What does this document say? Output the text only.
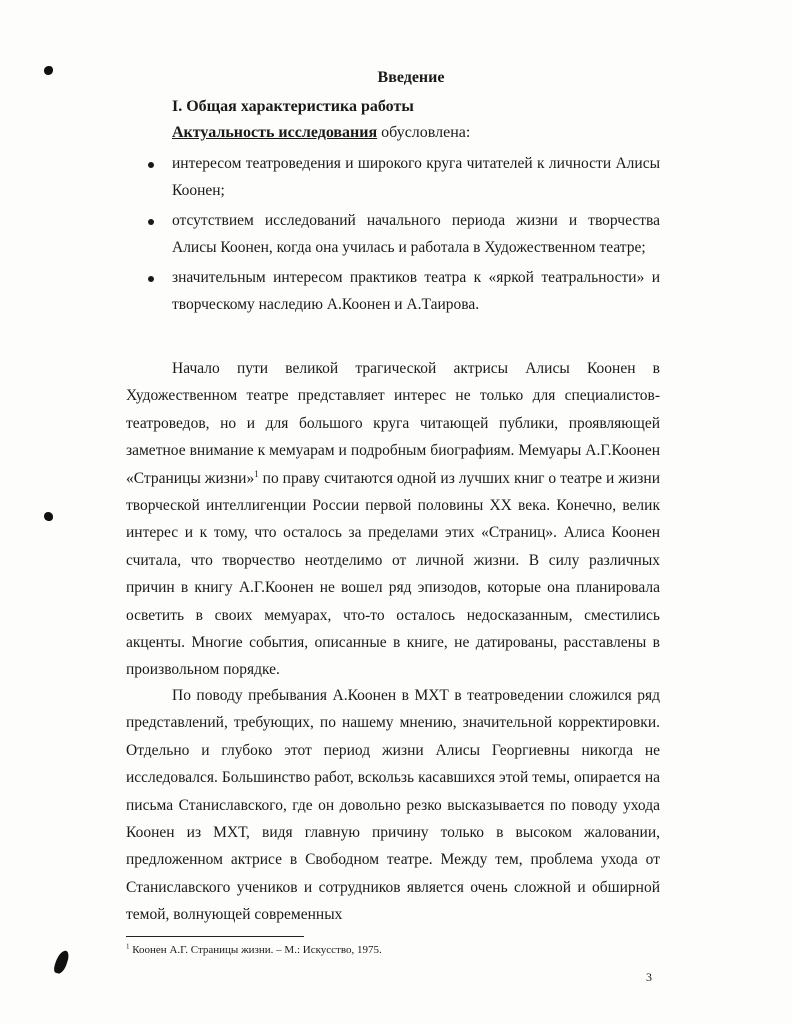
Введение
I. Общая характеристика работы
Актуальность исследования обусловлена:
интересом театроведения и широкого круга читателей к личности Алисы Коонен;
отсутствием исследований начального периода жизни и творчества Алисы Коонен, когда она училась и работала в Художественном театре;
значительным интересом практиков театра к «яркой театральности» и творческому наследию А.Коонен и А.Таирова.

Начало пути великой трагической актрисы Алисы Коонен в Художественном театре представляет интерес не только для специалистов-театроведов, но и для большого круга читающей публики, проявляющей заметное внимание к мемуарам и подробным биографиям. Мемуары А.Г.Коонен «Страницы жизни»$^1$ по праву считаются одной из лучших книг о театре и жизни творческой интеллигенции России первой половины XX века. Конечно, велик интерес и к тому, что осталось за пределами этих «Страниц». Алиса Коонен считала, что творчество неотделимо от личной жизни. В силу различных причин в книгу А.Г.Коонен не вошел ряд эпизодов, которые она планировала осветить в своих мемуарах, что-то осталось недосказанным, сместились акценты. Многие события, описанные в книге, не датированы, расставлены в произвольном порядке.

По поводу пребывания А.Коонен в МХТ в театроведении сложился ряд представлений, требующих, по нашему мнению, значительной корректировки. Отдельно и глубоко этот период жизни Алисы Георгиевны никогда не исследовался. Большинство работ, вскользь касавшихся этой темы, опирается на письма Станиславского, где он довольно резко высказывается по поводу ухода Коонен из МХТ, видя главную причину только в высоком жаловании, предложенном актрисе в Свободном театре. Между тем, проблема ухода от Станиславского учеников и сотрудников является очень сложной и обширной темой, волнующей современных

$^1$ Коонен А.Г. Страницы жизни. – М.: Искусство, 1975.
3
